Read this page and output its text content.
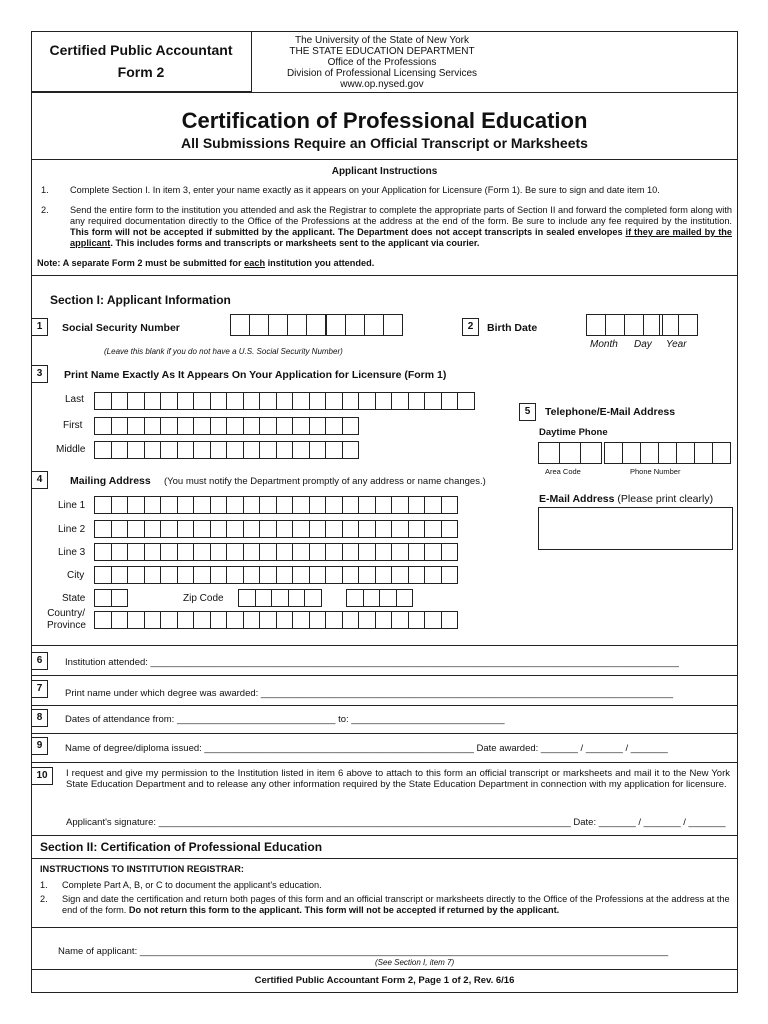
Certified Public Accountant
Form 2
The University of the State of New York
THE STATE EDUCATION DEPARTMENT
Office of the Professions
Division of Professional Licensing Services
www.op.nysed.gov
Certification of Professional Education
All Submissions Require an Official Transcript or Marksheets
Applicant Instructions
1. Complete Section I. In item 3, enter your name exactly as it appears on your Application for Licensure (Form 1). Be sure to sign and date item 10.
2. Send the entire form to the institution you attended and ask the Registrar to complete the appropriate parts of Section II and forward the completed form along with any required documentation directly to the Office of the Professions at the address at the end of the form. Be sure to include any fee required by the institution. This form will not be accepted if submitted by the applicant. The Department does not accept transcripts in sealed envelopes if they are mailed by the applicant. This includes forms and transcripts or marksheets sent to the applicant via courier.
Note: A separate Form 2 must be submitted for each institution you attended.
Section I: Applicant Information
1	Social Security Number
(Leave this blank if you do not have a U.S. Social Security Number)
2	Birth Date
Month Day Year
3	Print Name Exactly As It Appears On Your Application for Licensure (Form 1)
Last
First
Middle
4	Mailing Address (You must notify the Department promptly of any address or name changes.)
Line 1
Line 2
Line 3
City
State	Zip Code
Country/
Province
5	Telephone/E-Mail Address
Daytime Phone
Area Code	Phone Number
E-Mail Address (Please print clearly)
6	Institution attended: ____________________________________________________________________________________________________
7	Print name under which degree was awarded: ______________________________________________________________________________
8	Dates of attendance from: ______________________________ to: _____________________________
9	Name of degree/diploma issued: ___________________________________________________ Date awarded: _______ / _______ / _______
10	I request and give my permission to the Institution listed in item 6 above to attach to this form an official transcript or marksheets and mail it to the New York State Education Department and to release any other information required by the State Education Department in connection with my application for licensure.
Applicant's signature: ______________________________________________________________________________ Date: _______ / _______ / _______
Section II: Certification of Professional Education
INSTRUCTIONS TO INSTITUTION REGISTRAR:
1. Complete Part A, B, or C to document the applicant's education.
2. Sign and date the certification and return both pages of this form and an official transcript or marksheets directly to the Office of the Professions at the address at the end of the form. Do not return this form to the applicant. This form will not be accepted if returned by the applicant.
Name of applicant: ____________________________________________________________________________________________________
(See Section I, item 7)
Certified Public Accountant Form 2, Page 1 of 2, Rev. 6/16
